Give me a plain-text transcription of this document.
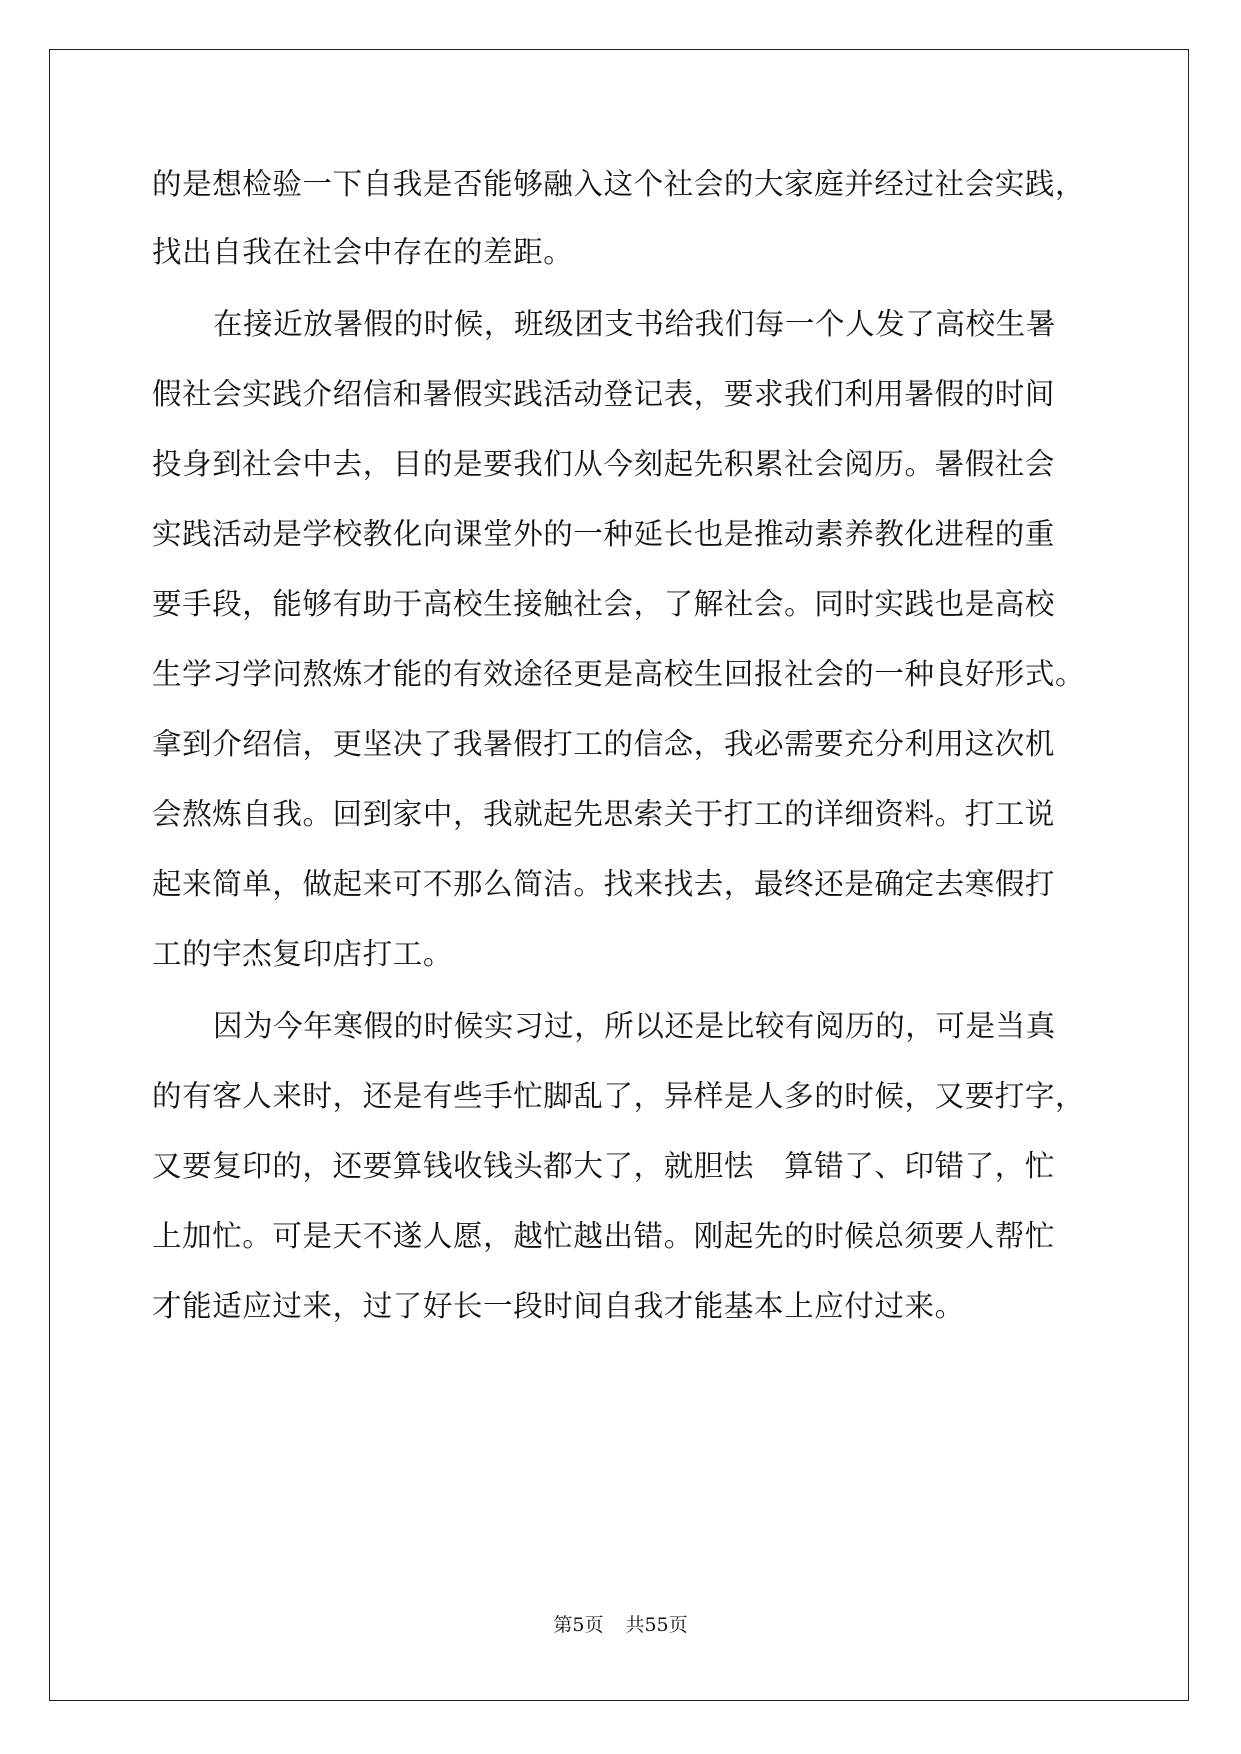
的是想检验一下自我是否能够融入这个社会的大家庭并经过社会实践，
找出自我在社会中存在的差距。
在接近放暑假的时候，班级团支书给我们每一个人发了高校生暑
假社会实践介绍信和暑假实践活动登记表，要求我们利用暑假的时间
投身到社会中去，目的是要我们从今刻起先积累社会阅历。暑假社会
实践活动是学校教化向课堂外的一种延长也是推动素养教化进程的重
要手段，能够有助于高校生接触社会，了解社会。同时实践也是高校
生学习学问熬炼才能的有效途径更是高校生回报社会的一种良好形式。
拿到介绍信，更坚决了我暑假打工的信念，我必需要充分利用这次机
会熬炼自我。回到家中，我就起先思索关于打工的详细资料。打工说
起来简单，做起来可不那么简洁。找来找去，最终还是确定去寒假打
工的宇杰复印店打工。
因为今年寒假的时候实习过，所以还是比较有阅历的，可是当真
的有客人来时，还是有些手忙脚乱了，异样是人多的时候，又要打字，
又要复印的，还要算钱收钱头都大了，就胆怯　算错了、印错了，忙
上加忙。可是天不遂人愿，越忙越出错。刚起先的时候总须要人帮忙
才能适应过来，过了好长一段时间自我才能基本上应付过来。
第5页 共55页
